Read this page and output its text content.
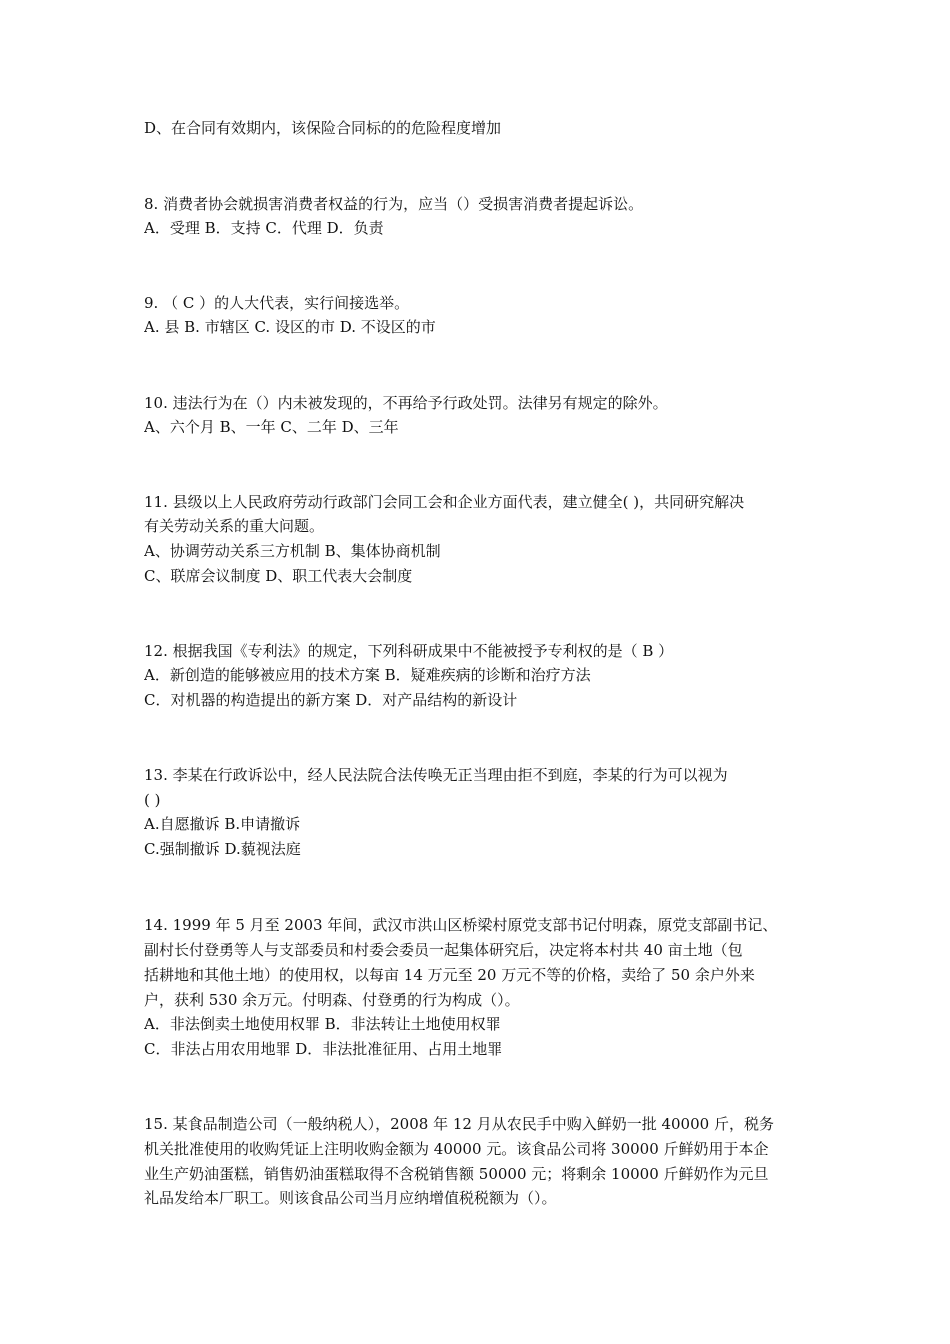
D、在合同有效期内，该保险合同标的的危险程度增加
8. 消费者协会就损害消费者权益的行为，应当（）受损害消费者提起诉讼。
A．受理 B．支持 C．代理 D．负责
9. （ C ）的人大代表，实行间接选举。
A. 县 B. 市辖区 C. 设区的市 D. 不设区的市
10. 违法行为在（）内未被发现的，不再给予行政处罚。法律另有规定的除外。
A、六个月 B、一年 C、二年 D、三年
11. 县级以上人民政府劳动行政部门会同工会和企业方面代表，建立健全( )，共同研究解决
有关劳动关系的重大问题。
A、协调劳动关系三方机制 B、集体协商机制
C、联席会议制度 D、职工代表大会制度
12. 根据我国《专利法》的规定，下列科研成果中不能被授予专利权的是（ B ）
A．新创造的能够被应用的技术方案 B．疑难疾病的诊断和治疗方法
C．对机器的构造提出的新方案 D．对产品结构的新设计
13. 李某在行政诉讼中，经人民法院合法传唤无正当理由拒不到庭，李某的行为可以视为
( )
A.自愿撤诉 B.申请撤诉
C.强制撤诉 D.藐视法庭
14. 1999 年 5 月至 2003 年间，武汉市洪山区桥梁村原党支部书记付明森，原党支部副书记、
副村长付登勇等人与支部委员和村委会委员一起集体研究后，决定将本村共 40 亩土地（包
括耕地和其他土地）的使用权，以每亩 14 万元至 20 万元不等的价格，卖给了 50 余户外来
户，获利 530 余万元。付明森、付登勇的行为构成（）。
A．非法倒卖土地使用权罪 B．非法转让土地使用权罪
C．非法占用农用地罪 D．非法批准征用、占用土地罪
15. 某食品制造公司（一般纳税人），2008 年 12 月从农民手中购入鲜奶一批 40000 斤，税务
机关批准使用的收购凭证上注明收购金额为 40000 元。该食品公司将 30000 斤鲜奶用于本企
业生产奶油蛋糕，销售奶油蛋糕取得不含税销售额 50000 元；将剩余 10000 斤鲜奶作为元旦
礼品发给本厂职工。则该食品公司当月应纳增值税税额为（）。
